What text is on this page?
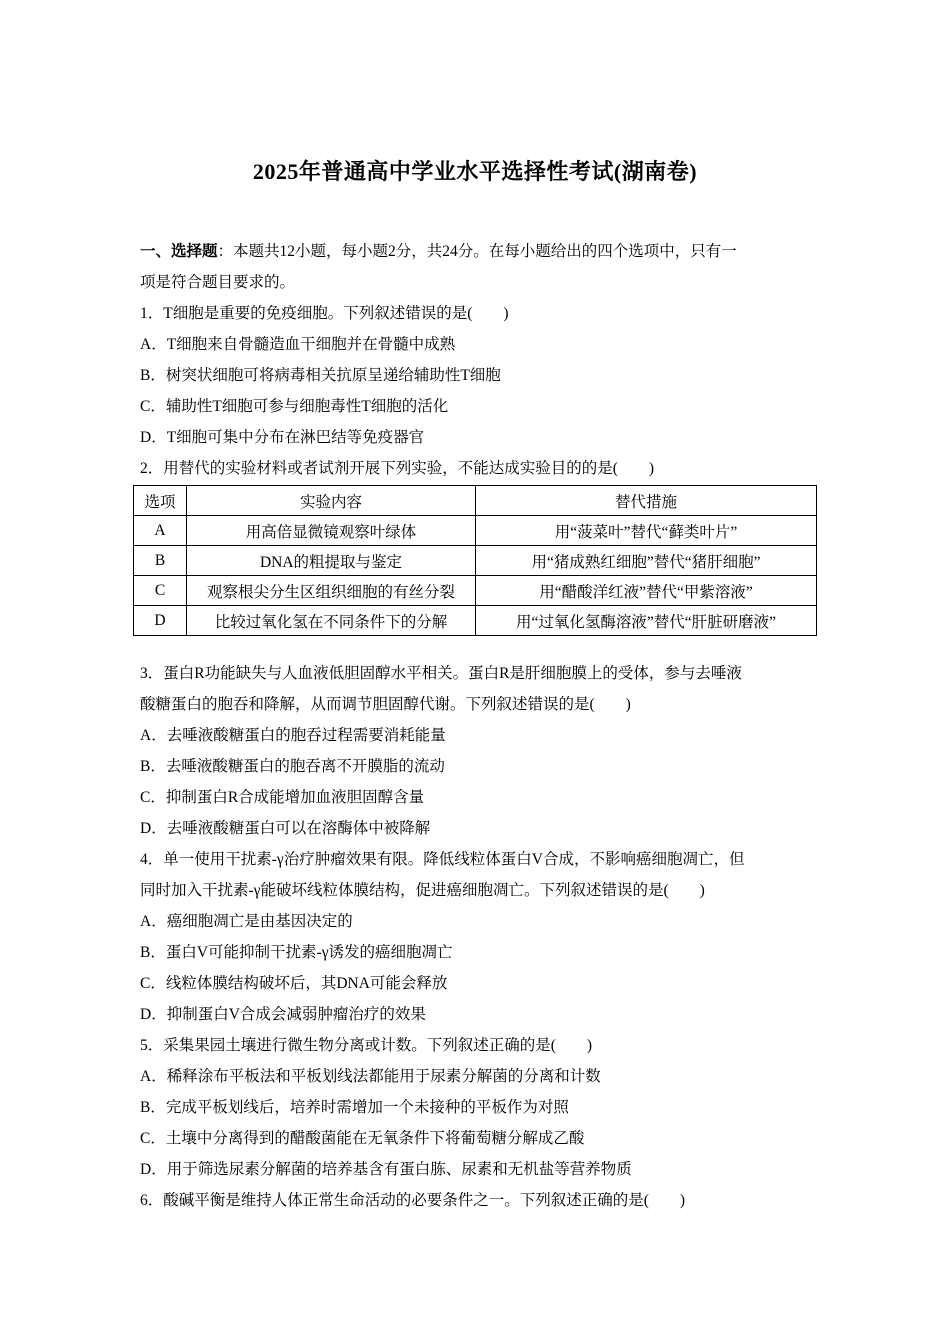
2025年普通高中学业水平选择性考试(湖南卷)
一、选择题：本题共12小题，每小题2分，共24分。在每小题给出的四个选项中，只有一
项是符合题目要求的。
1．T细胞是重要的免疫细胞。下列叙述错误的是(　　)
A．T细胞来自骨髓造血干细胞并在骨髓中成熟
B．树突状细胞可将病毒相关抗原呈递给辅助性T细胞
C．辅助性T细胞可参与细胞毒性T细胞的活化
D．T细胞可集中分布在淋巴结等免疫器官
2．用替代的实验材料或者试剂开展下列实验，不能达成实验目的的是(　　)
选项	实验内容	替代措施
A	用高倍显微镜观察叶绿体	用“菠菜叶”替代“藓类叶片”
B	DNA的粗提取与鉴定	用“猪成熟红细胞”替代“猪肝细胞”
C	观察根尖分生区组织细胞的有丝分裂	用“醋酸洋红液”替代“甲紫溶液”
D	比较过氧化氢在不同条件下的分解	用“过氧化氢酶溶液”替代“肝脏研磨液”
3．蛋白R功能缺失与人血液低胆固醇水平相关。蛋白R是肝细胞膜上的受体，参与去唾液
酸糖蛋白的胞吞和降解，从而调节胆固醇代谢。下列叙述错误的是(　　)
A．去唾液酸糖蛋白的胞吞过程需要消耗能量
B．去唾液酸糖蛋白的胞吞离不开膜脂的流动
C．抑制蛋白R合成能增加血液胆固醇含量
D．去唾液酸糖蛋白可以在溶酶体中被降解
4．单一使用干扰素-γ治疗肿瘤效果有限。降低线粒体蛋白V合成，不影响癌细胞凋亡，但
同时加入干扰素-γ能破坏线粒体膜结构，促进癌细胞凋亡。下列叙述错误的是(　　)
A．癌细胞凋亡是由基因决定的
B．蛋白V可能抑制干扰素-γ诱发的癌细胞凋亡
C．线粒体膜结构破坏后，其DNA可能会释放
D．抑制蛋白V合成会减弱肿瘤治疗的效果
5．采集果园土壤进行微生物分离或计数。下列叙述正确的是(　　)
A．稀释涂布平板法和平板划线法都能用于尿素分解菌的分离和计数
B．完成平板划线后，培养时需增加一个未接种的平板作为对照
C．土壤中分离得到的醋酸菌能在无氧条件下将葡萄糖分解成乙酸
D．用于筛选尿素分解菌的培养基含有蛋白胨、尿素和无机盐等营养物质
6．酸碱平衡是维持人体正常生命活动的必要条件之一。下列叙述正确的是(　　)
